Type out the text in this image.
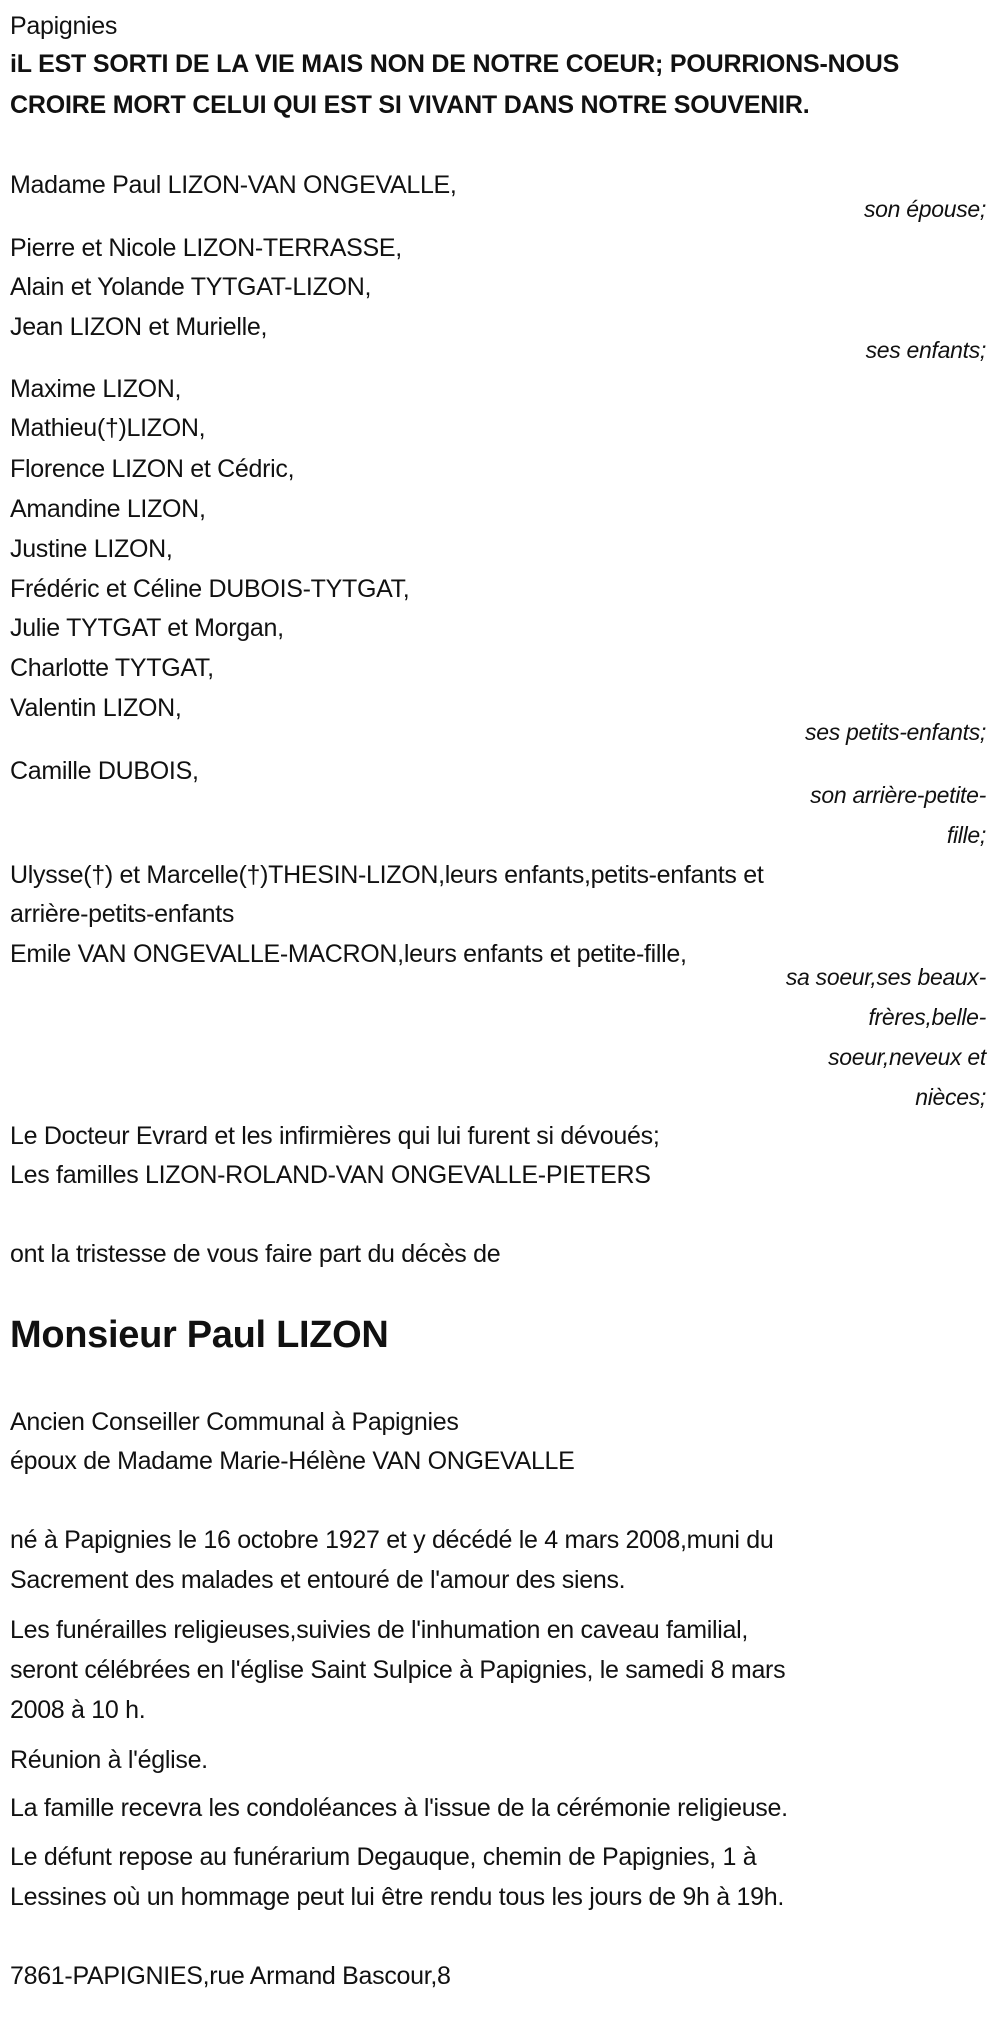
Papignies
iL EST SORTI DE LA VIE MAIS NON DE NOTRE COEUR; POURRIONS-NOUS
CROIRE MORT CELUI QUI EST SI VIVANT DANS NOTRE SOUVENIR.
Madame Paul LIZON-VAN ONGEVALLE,
son épouse;
Pierre et Nicole LIZON-TERRASSE,
Alain et Yolande TYTGAT-LIZON,
Jean LIZON et Murielle,
ses enfants;
Maxime LIZON,
Mathieu(†)LIZON,
Florence LIZON et Cédric,
Amandine LIZON,
Justine LIZON,
Frédéric et Céline DUBOIS-TYTGAT,
Julie TYTGAT et Morgan,
Charlotte TYTGAT,
Valentin LIZON,
ses petits-enfants;
Camille DUBOIS,
son arrière-petite-
fille;
Ulysse(†) et Marcelle(†)THESIN-LIZON,leurs enfants,petits-enfants et
arrière-petits-enfants
Emile VAN ONGEVALLE-MACRON,leurs enfants et petite-fille,
sa soeur,ses beaux-
frères,belle-
soeur,neveux et
nièces;
Le Docteur Evrard et les infirmières qui lui furent si dévoués;
Les familles LIZON-ROLAND-VAN ONGEVALLE-PIETERS
ont la tristesse de vous faire part du décès de
Monsieur Paul LIZON
Ancien Conseiller Communal à Papignies
époux de Madame Marie-Hélène VAN ONGEVALLE
né à Papignies le 16 octobre 1927 et y décédé le 4 mars 2008,muni du
Sacrement des malades et entouré de l'amour des siens.
Les funérailles religieuses,suivies de l'inhumation en caveau familial,
seront célébrées en l'église Saint Sulpice à Papignies, le samedi 8 mars
2008 à 10 h.
Réunion à l'église.
La famille recevra les condoléances à l'issue de la cérémonie religieuse.
Le défunt repose au funérarium Degauque, chemin de Papignies, 1 à
Lessines où un hommage peut lui être rendu tous les jours de 9h à 19h.
7861-PAPIGNIES,rue Armand Bascour,8
